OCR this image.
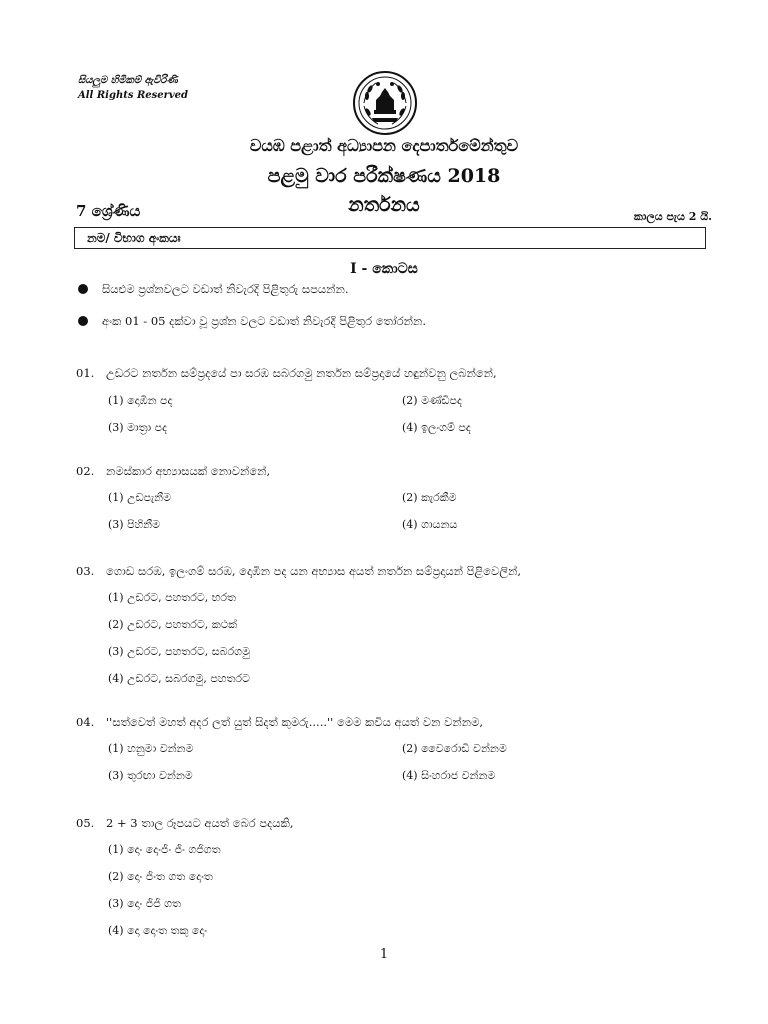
සියලුම හිමිකම් ඇවිරිණි
All Rights Reserved
වයඹ පළාත් අධ්‍යාපන දෙපාර්තමේන්තුව
පළමු වාර පරීක්ෂණය 2018
7 ශ්‍රේණිය	නර්තනය
කාලය පැය 2 යි.
නම/ විභාග අංකයඃ
I - කොටස
සියළුම ප්‍රශ්නවලට වඩාත් නිවැරදි පිළිතුරු සපයන්න.
අංක 01 - 05 දක්වා වූ ප්‍රශ්න වලට වඩාත් නිවැරදි පිළිතුර තෝරන්න.
01. උඩරට නර්තන සම්ප්‍රදයේ පා සරඹ සබරගමු නර්තන සම්ප්‍රදායේ හඳුන්වනු ලබන්නේ,
(1) දොඹින පද	(2) මණ්ඩිපද
(3) මාත්‍රා පද	(4) ඉලංගම් පද
02. නමස්කාර අභ්‍යාසයක් නොවන්නේ,
(1) උඩපැනීම	(2) කැරකීම
(3) පිහිනීම	(4) ගායනය
03. ගොඩ සරඹ, ඉලංගම් සරඹ, දොඹින පද යන අභ්‍යාස අයත් නර්තන සම්ප්‍රදායන් පිළිවෙලින්,
(1) උඩරට, පහතරට, භරත
(2) උඩරට, පහතරට, කථක්
(3) උඩරට, පහතරට, සබරගමු
(4) උඩරට, සබරගමු, පහතරට
04. ''සත්වෙත් මහත් අදර ලත් යුත් සිදත් කුමරු.....'' මෙම කවිය අයත් වන වන්නම,
(1) හනුමා වන්නම	(2) වෛරොඩි වන්නම
(3) තුරඟා වන්නම	(4) සිංහරාජ වන්නම
05. 2 + 3 තාල රූපයට අයත් බෙර පදයකි,
(1) දොං දොංජිං ජිං ගජිගත
(2) දොං ජිංත ගත දොංත
(3) දොං ජිජි ගත
(4) දො දොංත තකු දොං
1
